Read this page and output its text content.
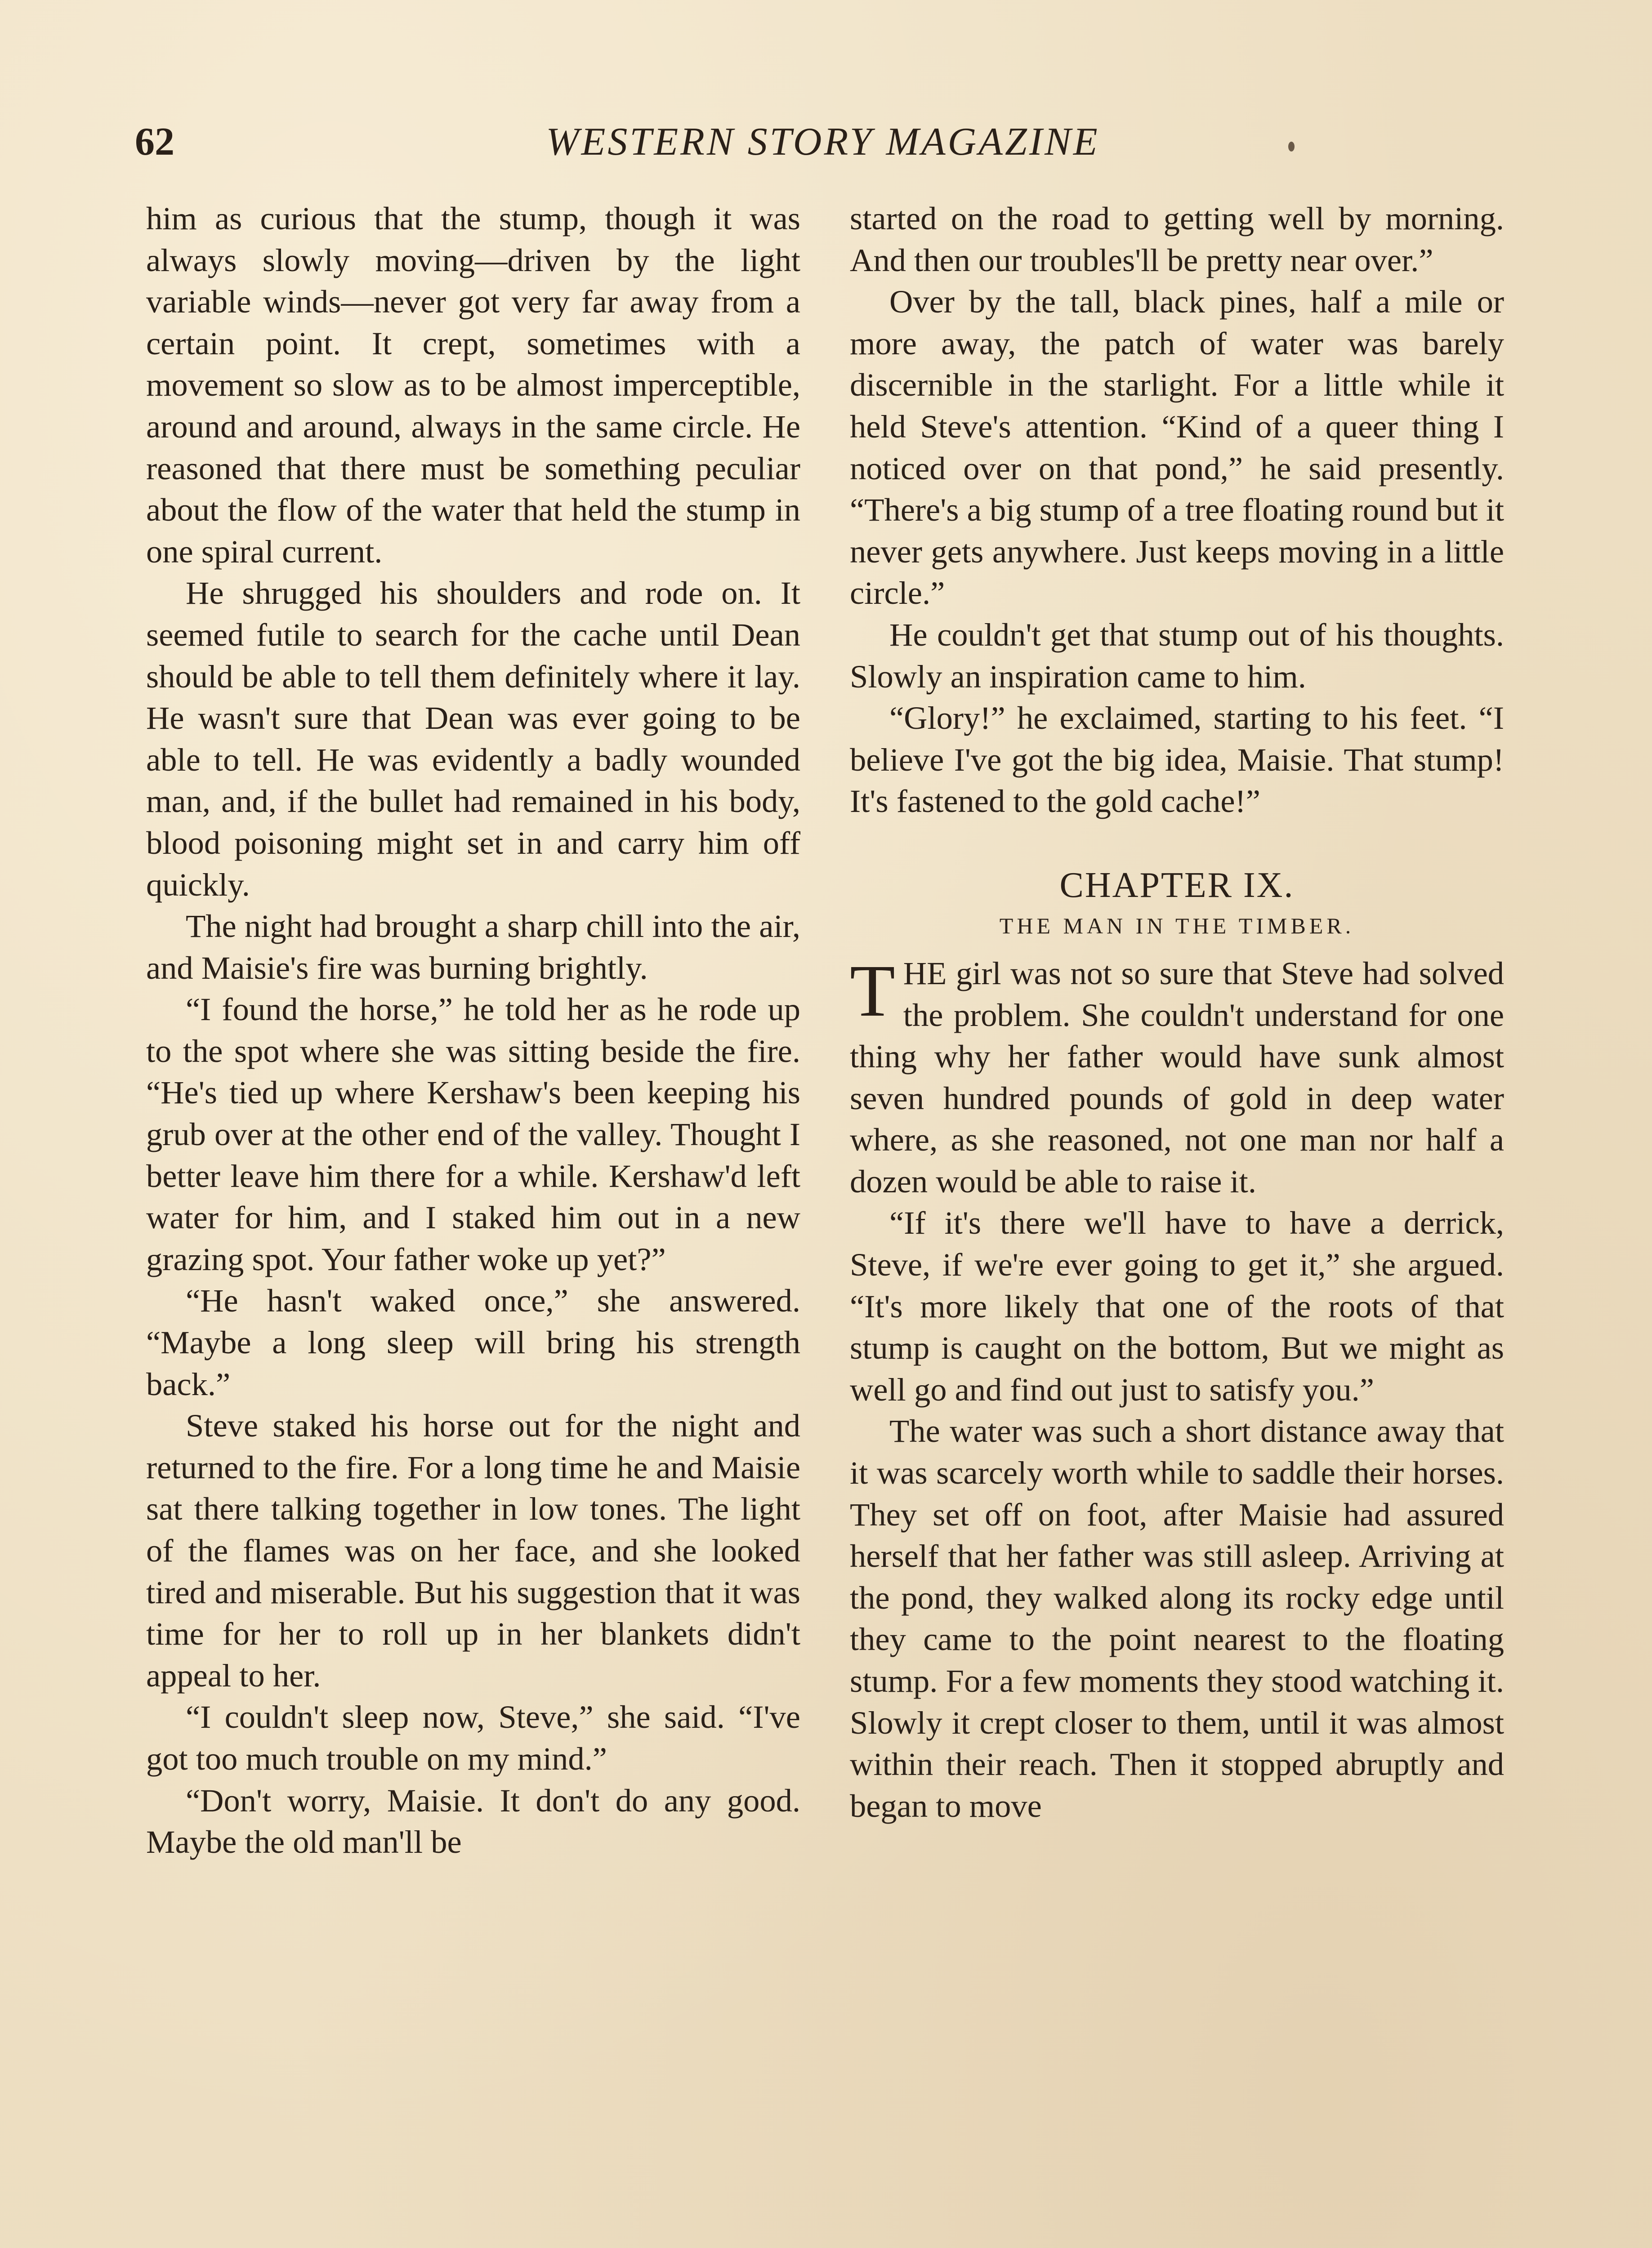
62	WESTERN STORY MAGAZINE

him as curious that the stump, though it was always slowly moving—driven by the light variable winds—never got very far away from a certain point. It crept, sometimes with a movement so slow as to be almost imperceptible, around and around, always in the same circle. He reasoned that there must be something peculiar about the flow of the water that held the stump in one spiral current.

He shrugged his shoulders and rode on. It seemed futile to search for the cache until Dean should be able to tell them definitely where it lay. He wasn't sure that Dean was ever going to be able to tell. He was evidently a badly wounded man, and, if the bullet had remained in his body, blood poisoning might set in and carry him off quickly.

The night had brought a sharp chill into the air, and Maisie's fire was burning brightly.

“I found the horse,” he told her as he rode up to the spot where she was sitting beside the fire. “He's tied up where Kershaw's been keeping his grub over at the other end of the valley. Thought I better leave him there for a while. Kershaw'd left water for him, and I staked him out in a new grazing spot. Your father woke up yet?”

“He hasn't waked once,” she answered. “Maybe a long sleep will bring his strength back.”

Steve staked his horse out for the night and returned to the fire. For a long time he and Maisie sat there talking together in low tones. The light of the flames was on her face, and she looked tired and miserable. But his suggestion that it was time for her to roll up in her blankets didn't appeal to her.

“I couldn't sleep now, Steve,” she said. “I've got too much trouble on my mind.”

“Don't worry, Maisie. It don't do any good. Maybe the old man'll be

started on the road to getting well by morning. And then our troubles'll be pretty near over.”

Over by the tall, black pines, half a mile or more away, the patch of water was barely discernible in the starlight. For a little while it held Steve's attention. “Kind of a queer thing I noticed over on that pond,” he said presently. “There's a big stump of a tree floating round but it never gets anywhere. Just keeps moving in a little circle.”

He couldn't get that stump out of his thoughts. Slowly an inspiration came to him.

“Glory!” he exclaimed, starting to his feet. “I believe I've got the big idea, Maisie. That stump! It's fastened to the gold cache!”

CHAPTER IX.
THE MAN IN THE TIMBER.

THE girl was not so sure that Steve had solved the problem. She couldn't understand for one thing why her father would have sunk almost seven hundred pounds of gold in deep water where, as she reasoned, not one man nor half a dozen would be able to raise it.

“If it's there we'll have to have a derrick, Steve, if we're ever going to get it,” she argued. “It's more likely that one of the roots of that stump is caught on the bottom, But we might as well go and find out just to satisfy you.”

The water was such a short distance away that it was scarcely worth while to saddle their horses. They set off on foot, after Maisie had assured herself that her father was still asleep. Arriving at the pond, they walked along its rocky edge until they came to the point nearest to the floating stump. For a few moments they stood watching it. Slowly it crept closer to them, until it was almost within their reach. Then it stopped abruptly and began to move
